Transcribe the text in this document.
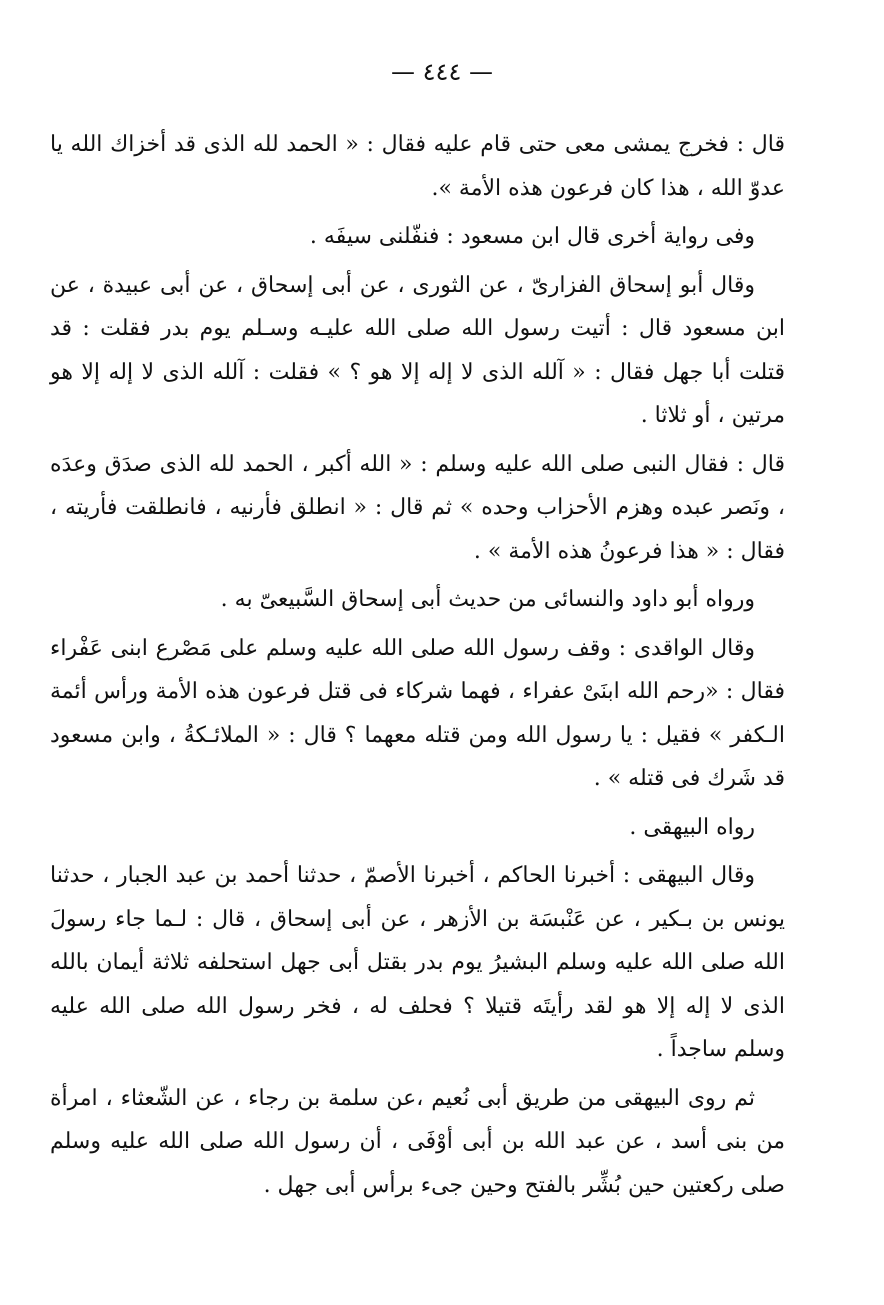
— ٤٤٤ —

قال : فخرج يمشى معى حتى قام عليه فقال : « الحمد لله الذى قد أخزاك الله يا عدوّ الله ، هذا كان فرعون هذه الأمة ».

وفى رواية أخرى قال ابن مسعود : فنفّلنى سيفَه .

وقال أبو إسحاق الفزارىّ ، عن الثورى ، عن أبى إسحاق ، عن أبى عبيدة ، عن ابن مسعود قال : أتيت رسول الله صلى الله عليـه وسـلم يوم بدر فقلت : قد قتلت أبا جهل فقال : « آلله الذى لا إله إلا هو ؟ » فقلت : آلله الذى لا إله إلا هو مرتين ، أو ثلاثا .

قال : فقال النبى صلى الله عليه وسلم : « الله أكبر ، الحمد لله الذى صدَق وعدَه ، ونَصر عبده وهزم الأحزاب وحده » ثم قال : « انطلق فأرنيه ، فانطلقت فأريته ، فقال : « هذا فرعونُ هذه الأمة » .

ورواه أبو داود والنسائى من حديث أبى إسحاق السَّبيعىّ به .

وقال الواقدى : وقف رسول الله صلى الله عليه وسلم على مَصْرع ابنى عَفْراء فقال : «رحم الله ابنَىْ عفراء ، فهما شركاء فى قتل فرعون هذه الأمة ورأس أئمة الـكفر » فقيل : يا رسول الله ومن قتله معهما ؟ قال : « الملائـكةُ ، وابن مسعود قد شَرك فى قتله » .

رواه البيهقى .

وقال البيهقى : أخبرنا الحاكم ، أخبرنا الأصمّ ، حدثنا أحمد بن عبد الجبار ، حدثنا يونس بن بـكير ، عن عَنْبسَة بن الأزهر ، عن أبى إسحاق ، قال : لـما جاء رسولَ الله صلى الله عليه وسلم البشيرُ يوم بدر بقتل أبى جهل استحلفه ثلاثة أيمان بالله الذى لا إله إلا هو لقد رأيتَه قتيلا ؟ فحلف له ، فخر رسول الله صلى الله عليه وسلم ساجداً .

ثم روى البيهقى من طريق أبى نُعيم ،عن سلمة بن رجاء ، عن الشّعثاء ، امرأة من بنى أسد ، عن عبد الله بن أبى أوْفَى ، أن رسول الله صلى الله عليه وسلم صلى ركعتين حين بُشِّر بالفتح وحين جىء برأس أبى جهل .
